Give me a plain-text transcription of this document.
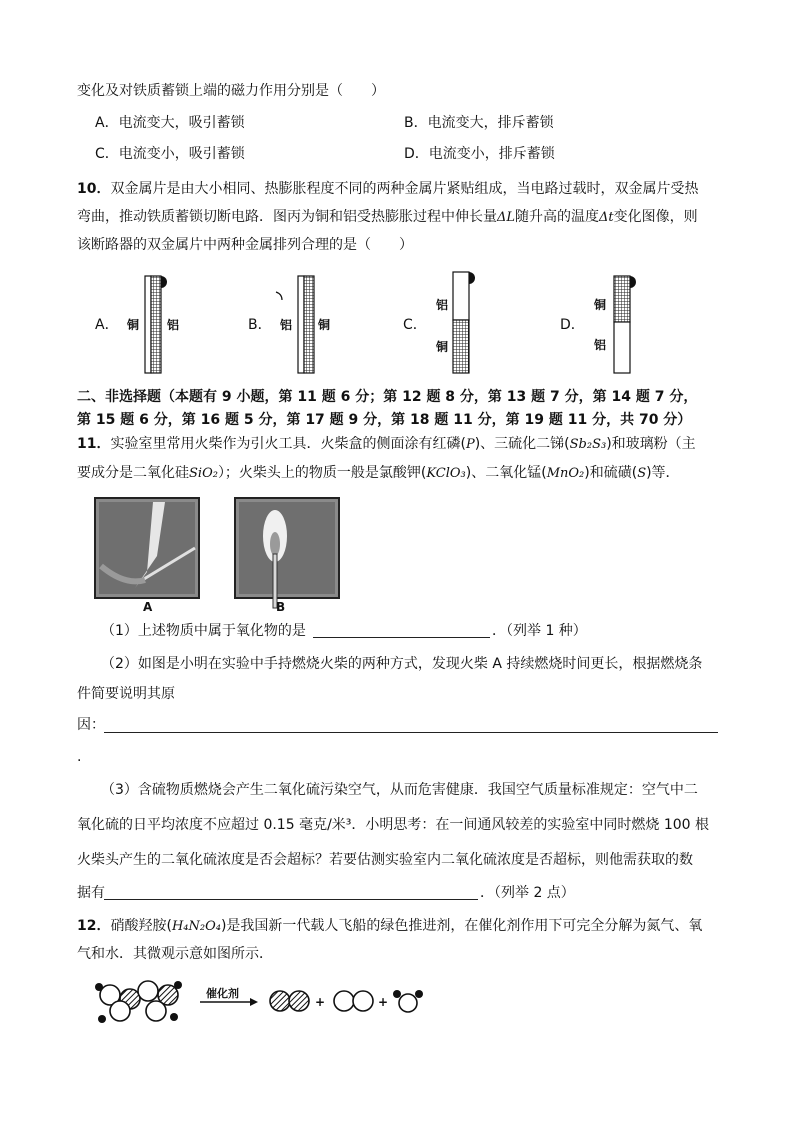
变化及对铁质蓄锁上端的磁力作用分别是（　　）
A．电流变大，吸引蓄锁	B．电流变大，排斥蓄锁
C．电流变小，吸引蓄锁	D．电流变小，排斥蓄锁
10．双金属片是由大小相同、热膨胀程度不同的两种金属片紧贴组成，当电路过载时，双金属片受热
弯曲，推动铁质蓄锁切断电路．图丙为铜和铝受热膨胀过程中伸长量ΔL随升高的温度Δt变化图像，则
该断路器的双金属片中两种金属排列合理的是（　　）
A． 铜 铝	B． 铝 铜	C．
铝
铜
D．
铜
铝
二、非选择题（本题有 9 小题，第 11 题 6 分；第 12 题 8 分，第 13 题 7 分，第 14 题 7 分，
第 15 题 6 分，第 16 题 5 分，第 17 题 9 分，第 18 题 11 分，第 19 题 11 分，共 70 分）
11．实验室里常用火柴作为引火工具．火柴盒的侧面涂有红磷(P)、三硫化二锑(Sb₂S₃)和玻璃粉（主
要成分是二氧化硅SiO₂）；火柴头上的物质一般是氯酸钾(KClO₃)、二氧化锰(MnO₂)和硫磺(S)等．
A	B
（1）上述物质中属于氧化物的是	．（列举 1 种）
（2）如图是小明在实验中手持燃烧火柴的两种方式，发现火柴 A 持续燃烧时间更长，根据燃烧条
件简要说明其原
因：
.
（3）含硫物质燃烧会产生二氧化硫污染空气，从而危害健康．我国空气质量标准规定：空气中二
氧化硫的日平均浓度不应超过 0.15 毫克/米³．小明思考：在一间通风较差的实验室中同时燃烧 100 根
火柴头产生的二氧化硫浓度是否会超标？若要估测实验室内二氧化硫浓度是否超标，则他需获取的数
据有	．（列举 2 点）
12．硝酸羟胺(H₄N₂O₄)是我国新一代载人飞船的绿色推进剂，在催化剂作用下可完全分解为氮气、氧
气和水．其微观示意如图所示．
催化剂
+	+
